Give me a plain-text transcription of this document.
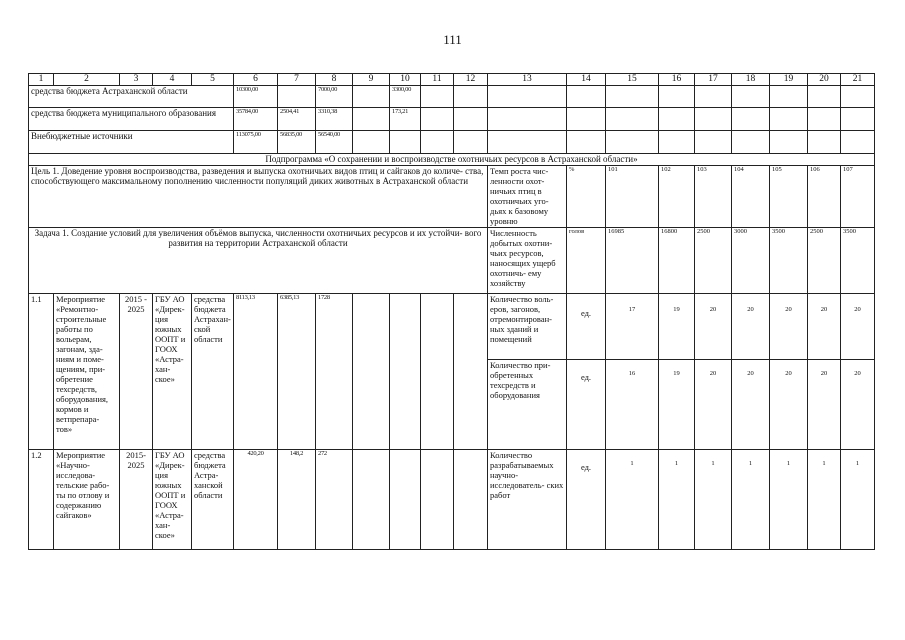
111
1	2	3	4	5	6	7	8	9	10	11	12	13	14	15	16	17	18	19	20	21
средства бюджета Астраханской области					10300,00		7000,00		3300,00											
средства бюджета муниципального образования					35784,00	2504,41	3310,38		173,21											
Внебюджетные источники					113075,00	56835,00	56540,00													
Подпрограмма «О сохранении и воспроизводстве охотничьих ресурсов в Астраханской области»																				
Цель 1. Доведение уровня воспроизводства, разведения и выпуска охотничьих видов птиц и сайгаков до количе- ства, способствующего максимальному пополнению численности популяций диких животных в Астраханской области												Темп роста чис- ленности охот- ничьих птиц в охотничьих уго- дьях к базовому уровню	%	101	102	103	104	105	106	107
Задача 1. Создание условий для увеличения объёмов выпуска, численности охотничьих ресурсов и их устойчи- вого развития на территории Астраханской области												Численность добытых охотни- чьих ресурсов, наносящих ущерб охотничь- ему хозяйству	голов	16985	16800	2500	3000	3500	2500	3500
1.1	Мероприятие «Ремонтно- строительные работы по вольерам, загонам, зда- ниям и поме- щениям, при- обретение техсредств, оборудования, кормов и ветпрепара- тов»	2015 - 2025	ГБУ АО «Дирек- ция южных ООПТ и ГООХ «Астра- хан- ское»	средства бюджета Астрахан- ской области	8113,13	6385,13	1728					Количество воль- еров, загонов, отремонтирован- ных зданий и помещений	ед.	17	19	20	20	20	20	20
												Количество при- обретенных техсредств и оборудования	ед.	16	19	20	20	20	20	20
1.2	Мероприятие «Научно- исследова- тельские рабо- ты по отлову и содержанию сайгаков»	2015- 2025	ГБУ АО «Дирек- ция южных ООПТ и ГООХ «Астра- хан- ское»	средства бюджета Астра- ханской области	420,20	148,2	272					Количество разрабатываемых научно- исследователь- ских работ	ед.	1	1	1	1	1	1	1
